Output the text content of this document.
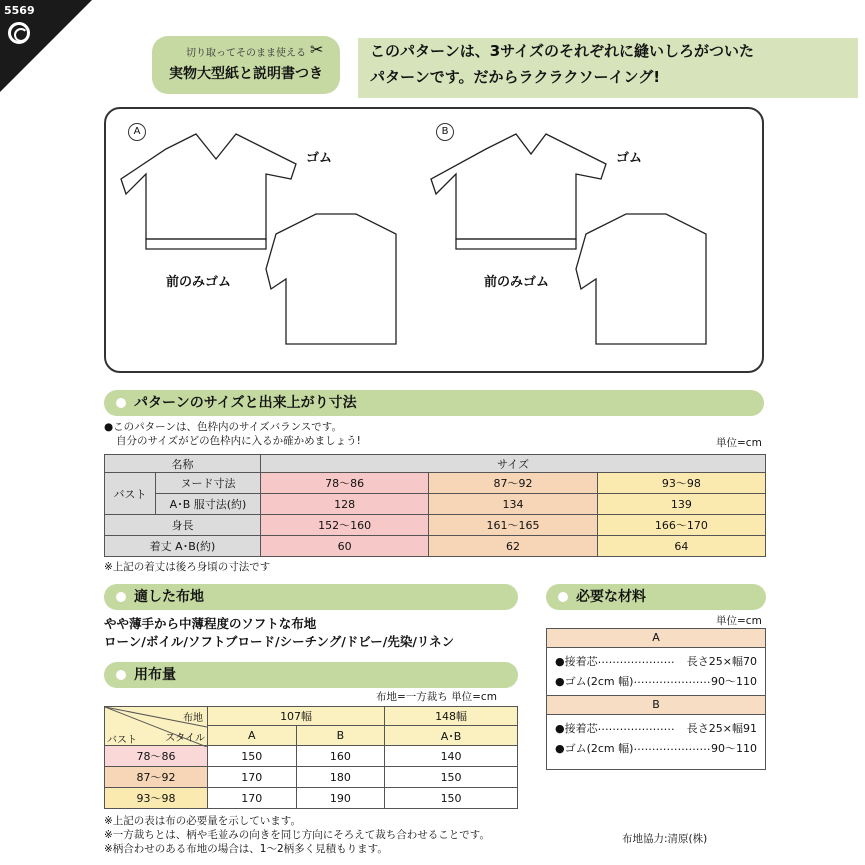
5569
切り取ってそのまま使える
実物大型紙と説明書つき
✂	このパターンは、3サイズのそれぞれに縫いしろがついた
パターンです。だからラクラクソーイング!
A	B
ゴム	ゴム
前のみゴム	前のみゴム
パターンのサイズと出来上がり寸法
●このパターンは、色枠内のサイズバランスです。
自分のサイズがどの色枠内に入るか確かめましょう!	単位=cm
名称		サイズ		
バスト	ヌード寸法	78〜86	87〜92	93〜98
	A･B 服寸法(約)	128	134	139
身長		152〜160	161〜165	166〜170
着丈 A･B(約)		60	62	64
※上記の着丈は後ろ身頃の寸法です
適した布地
やや薄手から中薄程度のソフトな布地
ローン/ボイル/ソフトブロード/シーチング/ドビー/先染/リネン
必要な材料
単位=cm
A
●接着芯 …………………	長さ25×幅70
●ゴム(2cm 幅) ………………… 90〜110
B
●接着芯 …………………	長さ25×幅91
●ゴム(2cm 幅) ………………… 90〜110
用布量
布地=一方裁ち 単位=cm
布地
スタイル
バスト	107幅		148幅
	A	B	A･B
78〜86	150	160	140
87〜92	170	180	150
93〜98	170	190	150
※上記の表は布の必要量を示しています。
※一方裁ちとは、柄や毛並みの向きを同じ方向にそろえて裁ち合わせることです。
※柄合わせのある布地の場合は、1〜2柄多く見積もります。
布地協力:清原(株)
